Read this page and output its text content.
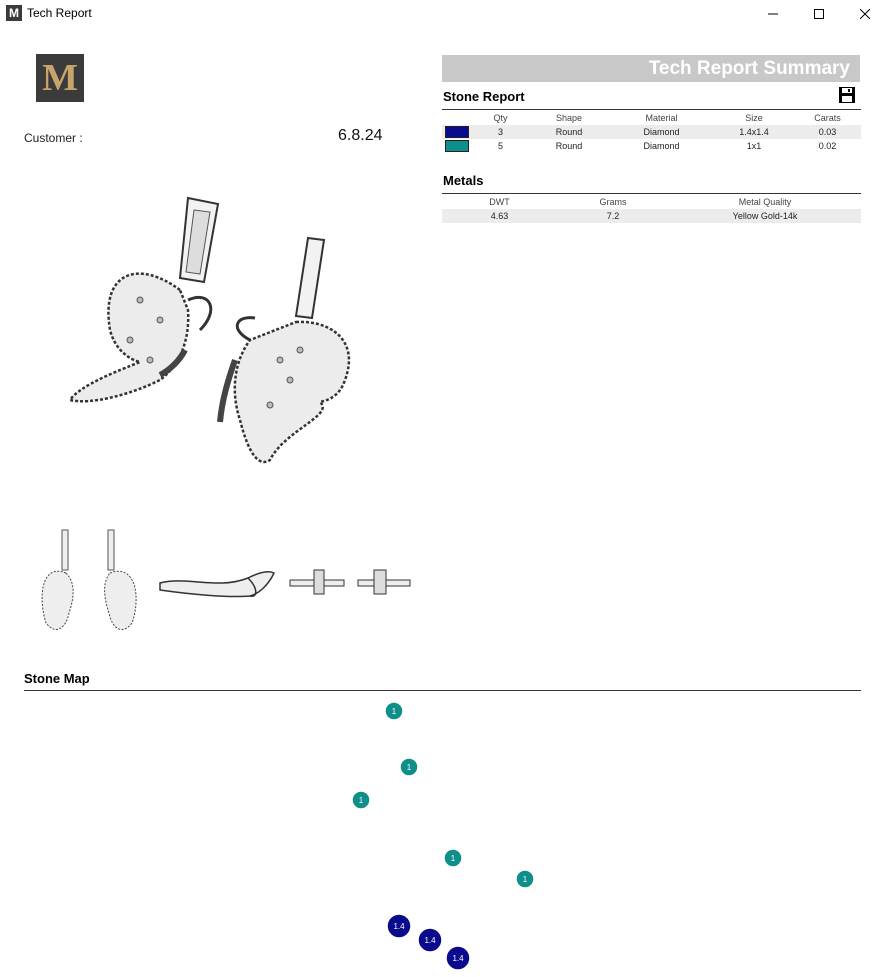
M Tech Report
M
Customer :	6.8.24
Tech Report Summary
Stone Report
	Qty	Shape	Material	Size	Carats
	3	Round	Diamond	1.4x1.4	0.03
	5	Round	Diamond	1x1	0.02
Metals
DWT	Grams	Metal Quality
4.63	7.2	Yellow Gold-14k
Stone Map
1
1
1
1
1
1.4
1.4
1.4
